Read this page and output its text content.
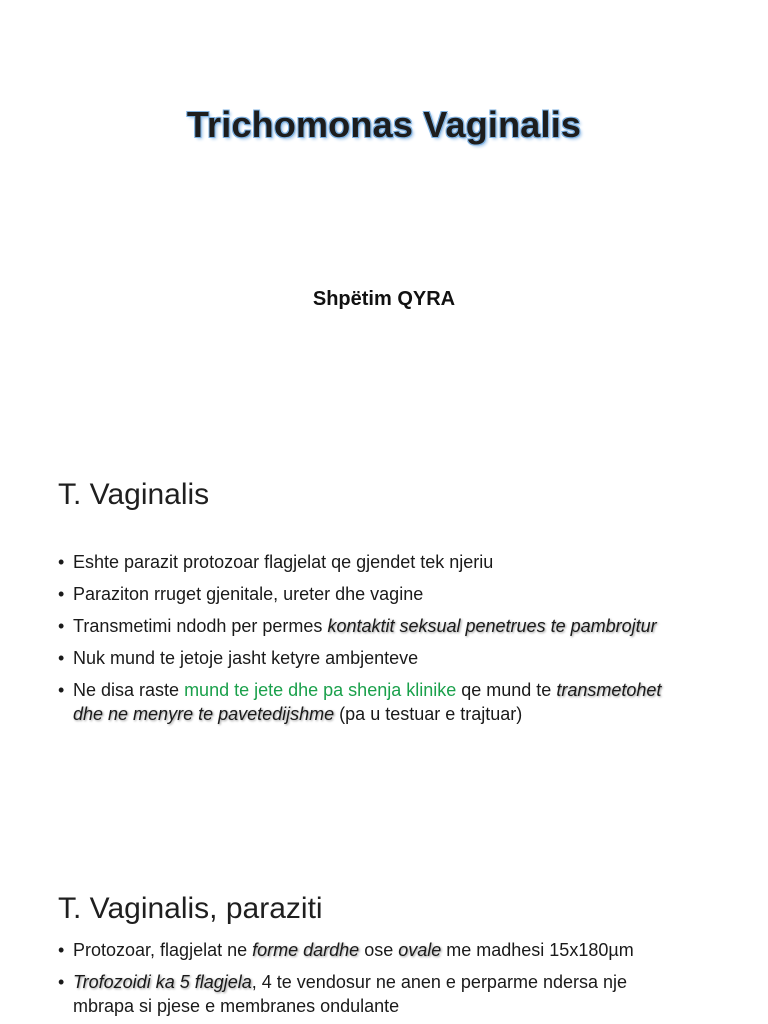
Trichomonas Vaginalis
Shpëtim QYRA
T. Vaginalis
• Eshte parazit protozoar flagjelat qe gjendet tek njeriu
• Paraziton rruget gjenitale, ureter dhe vagine
• Transmetimi ndodh per permes kontaktit seksual penetrues te pambrojtur
• Nuk mund te jetoje jasht ketyre ambjenteve
• Ne disa raste mund te jete dhe pa shenja klinike qe mund te transmetohet dhe ne menyre te pavetedijshme (pa u testuar e trajtuar)
T. Vaginalis, paraziti
• Protozoar, flagjelat ne forme dardhe ose ovale me madhesi 15x180µm
• Trofozoidi ka 5 flagjela, 4 te vendosur ne anen e perparme ndersa nje mbrapa si pjese e membranes ondulante
